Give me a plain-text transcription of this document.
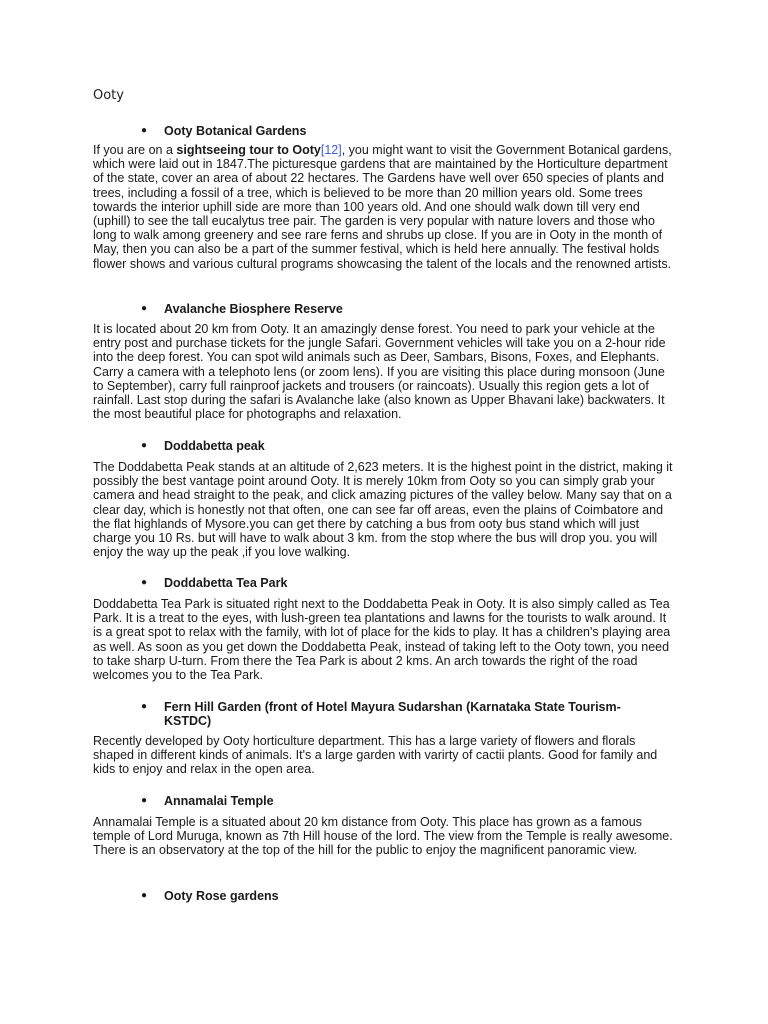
Ooty
● Ooty Botanical Gardens

If you are on a sightseeing tour to Ooty[12], you might want to visit the Government Botanical gardens, which were laid out in 1847.The picturesque gardens that are maintained by the Horticulture department of the state, cover an area of about 22 hectares. The Gardens have well over 650 species of plants and trees, including a fossil of a tree, which is believed to be more than 20 million years old. Some trees towards the interior uphill side are more than 100 years old. And one should walk down till very end (uphill) to see the tall eucalytus tree pair. The garden is very popular with nature lovers and those who long to walk among greenery and see rare ferns and shrubs up close. If you are in Ooty in the month of May, then you can also be a part of the summer festival, which is held here annually. The festival holds flower shows and various cultural programs showcasing the talent of the locals and the renowned artists.

● Avalanche Biosphere Reserve

It is located about 20 km from Ooty. It an amazingly dense forest. You need to park your vehicle at the entry post and purchase tickets for the jungle Safari. Government vehicles will take you on a 2-hour ride into the deep forest. You can spot wild animals such as Deer, Sambars, Bisons, Foxes, and Elephants. Carry a camera with a telephoto lens (or zoom lens). If you are visiting this place during monsoon (June to September), carry full rainproof jackets and trousers (or raincoats). Usually this region gets a lot of rainfall. Last stop during the safari is Avalanche lake (also known as Upper Bhavani lake) backwaters. It the most beautiful place for photographs and relaxation.

● Doddabetta peak

The Doddabetta Peak stands at an altitude of 2,623 meters. It is the highest point in the district, making it possibly the best vantage point around Ooty. It is merely 10km from Ooty so you can simply grab your camera and head straight to the peak, and click amazing pictures of the valley below. Many say that on a clear day, which is honestly not that often, one can see far off areas, even the plains of Coimbatore and the flat highlands of Mysore.you can get there by catching a bus from ooty bus stand which will just charge you 10 Rs. but will have to walk about 3 km. from the stop where the bus will drop you. you will enjoy the way up the peak ,if you love walking.

● Doddabetta Tea Park

Doddabetta Tea Park is situated right next to the Doddabetta Peak in Ooty. It is also simply called as Tea Park. It is a treat to the eyes, with lush-green tea plantations and lawns for the tourists to walk around. It is a great spot to relax with the family, with lot of place for the kids to play. It has a children's playing area as well. As soon as you get down the Doddabetta Peak, instead of taking left to the Ooty town, you need to take sharp U-turn. From there the Tea Park is about 2 kms. An arch towards the right of the road welcomes you to the Tea Park.

● Fern Hill Garden (front of Hotel Mayura Sudarshan (Karnataka State Tourism-KSTDC)

Recently developed by Ooty horticulture department. This has a large variety of flowers and florals shaped in different kinds of animals. It's a large garden with varirty of cactii plants. Good for family and kids to enjoy and relax in the open area.

● Annamalai Temple

Annamalai Temple is a situated about 20 km distance from Ooty. This place has grown as a famous temple of Lord Muruga, known as 7th Hill house of the lord. The view from the Temple is really awesome. There is an observatory at the top of the hill for the public to enjoy the magnificent panoramic view.

● Ooty Rose gardens
